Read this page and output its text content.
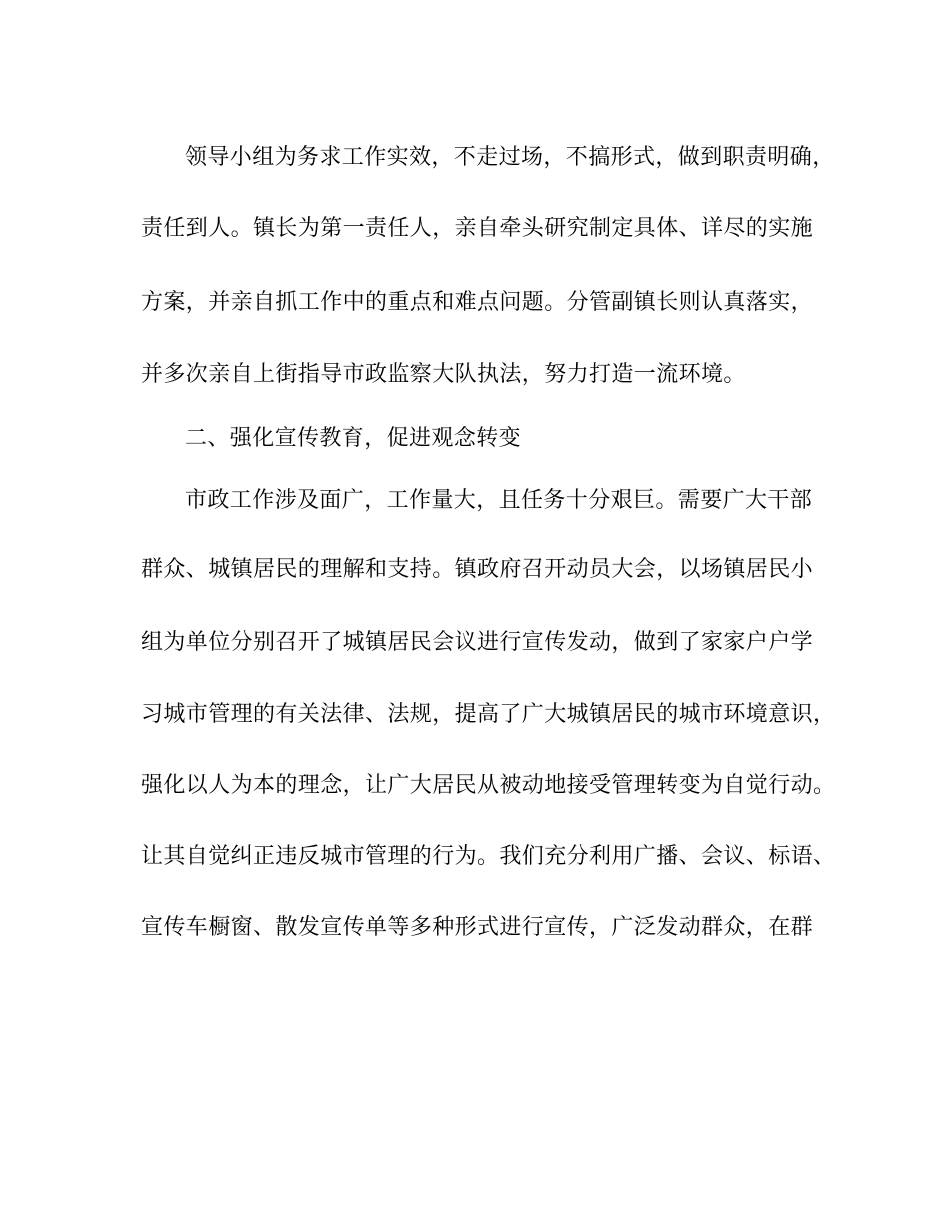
领导小组为务求工作实效，不走过场，不搞形式，做到职责明确，
责任到人。镇长为第一责任人，亲自牵头研究制定具体、详尽的实施
方案，并亲自抓工作中的重点和难点问题。分管副镇长则认真落实，
并多次亲自上街指导市政监察大队执法，努力打造一流环境。
二、强化宣传教育，促进观念转变
市政工作涉及面广，工作量大，且任务十分艰巨。需要广大干部
群众、城镇居民的理解和支持。镇政府召开动员大会，以场镇居民小
组为单位分别召开了城镇居民会议进行宣传发动，做到了家家户户学
习城市管理的有关法律、法规，提高了广大城镇居民的城市环境意识，
强化以人为本的理念，让广大居民从被动地接受管理转变为自觉行动。
让其自觉纠正违反城市管理的行为。我们充分利用广播、会议、标语、
宣传车橱窗、散发宣传单等多种形式进行宣传，广泛发动群众，在群
